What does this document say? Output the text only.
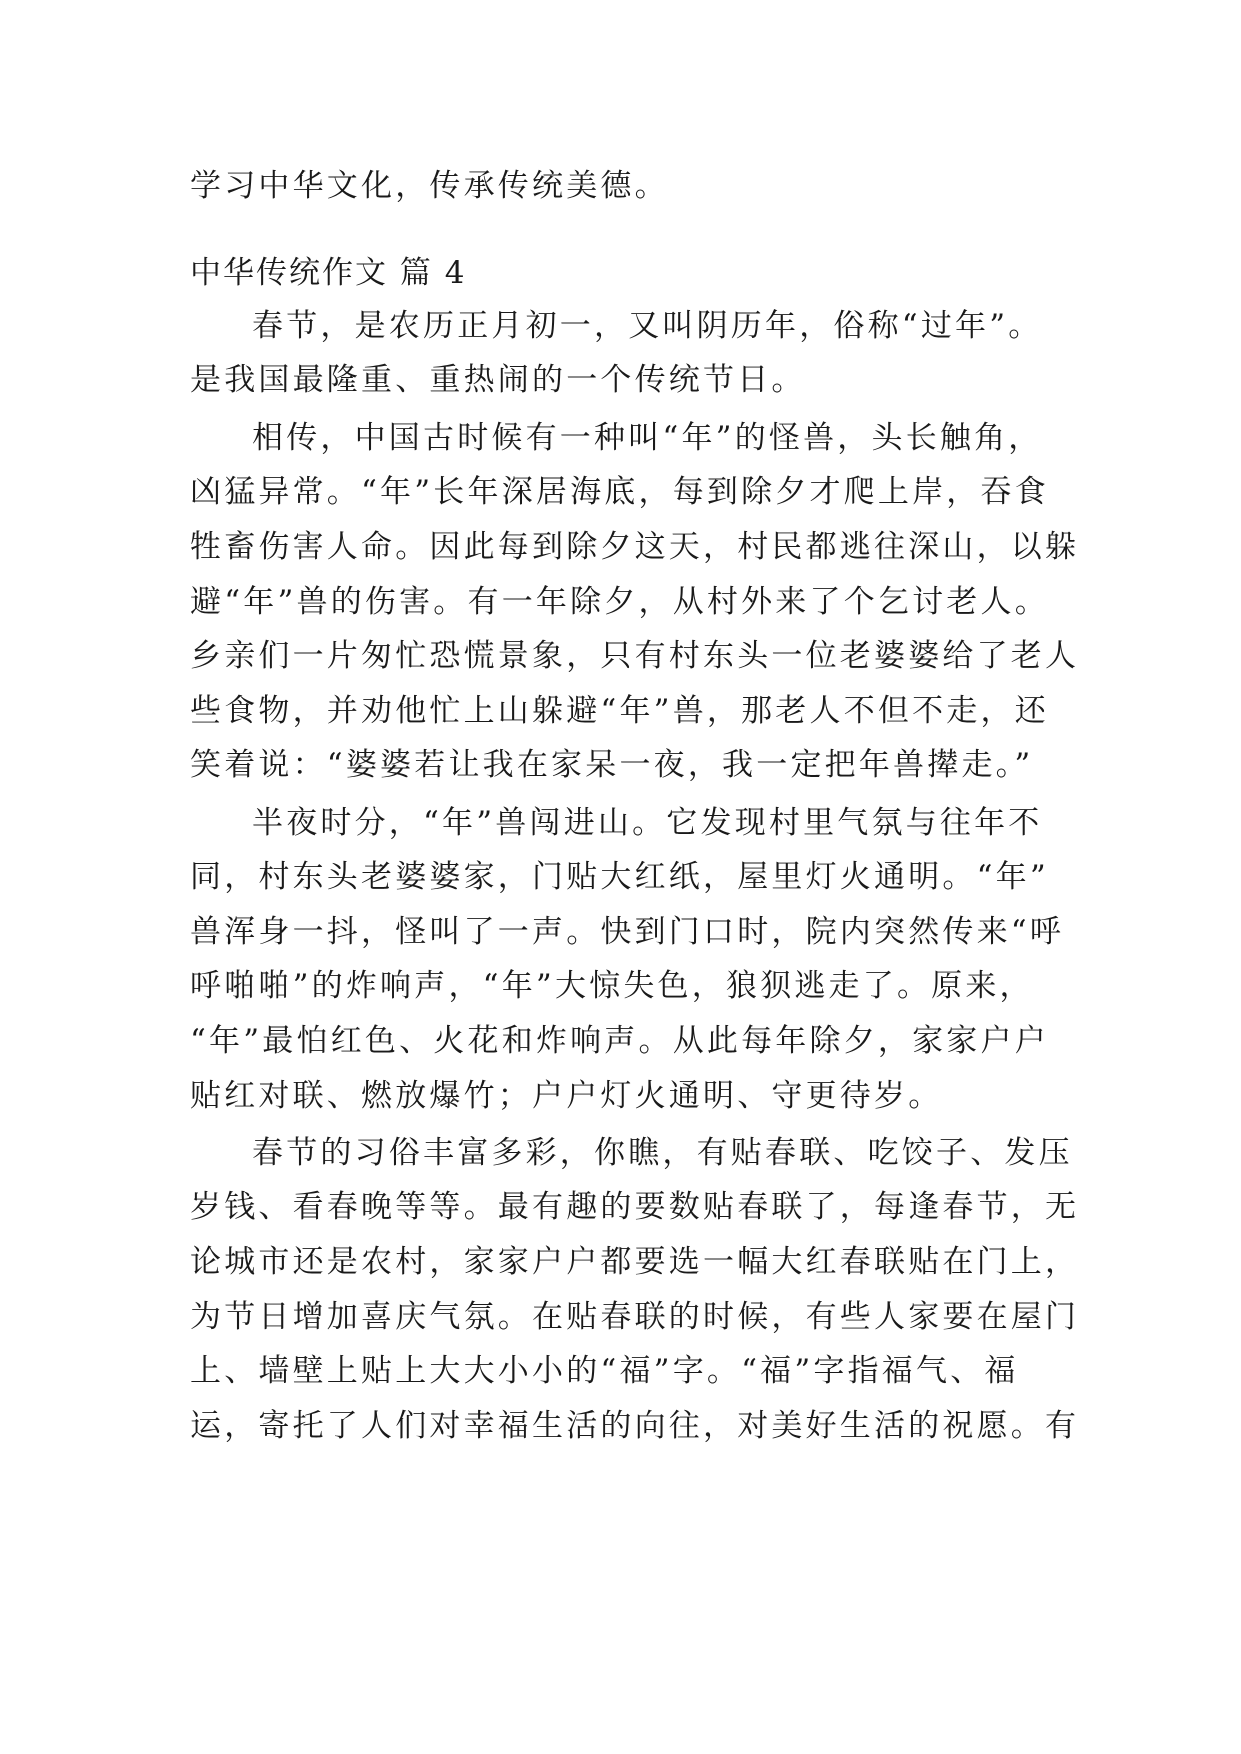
学习中华文化，传承传统美德。
中华传统作文 篇 4
春节，是农历正月初一，又叫阴历年，俗称“过年”。
是我国最隆重、重热闹的一个传统节日。
相传，中国古时候有一种叫“年”的怪兽，头长触角，
凶猛异常。“年”长年深居海底，每到除夕才爬上岸，吞食
牲畜伤害人命。因此每到除夕这天，村民都逃往深山，以躲
避“年”兽的伤害。有一年除夕，从村外来了个乞讨老人。
乡亲们一片匆忙恐慌景象，只有村东头一位老婆婆给了老人
些食物，并劝他忙上山躲避“年”兽，那老人不但不走，还
笑着说：“婆婆若让我在家呆一夜，我一定把年兽撵走。”
半夜时分，“年”兽闯进山。它发现村里气氛与往年不
同，村东头老婆婆家，门贴大红纸，屋里灯火通明。“年”
兽浑身一抖，怪叫了一声。快到门口时，院内突然传来“呼
呼啪啪”的炸响声，“年”大惊失色，狼狈逃走了。原来，
“年”最怕红色、火花和炸响声。从此每年除夕，家家户户
贴红对联、燃放爆竹；户户灯火通明、守更待岁。
春节的习俗丰富多彩，你瞧，有贴春联、吃饺子、发压
岁钱、看春晚等等。最有趣的要数贴春联了，每逢春节，无
论城市还是农村，家家户户都要选一幅大红春联贴在门上，
为节日增加喜庆气氛。在贴春联的时候，有些人家要在屋门
上、墙壁上贴上大大小小的“福”字。“福”字指福气、福
运，寄托了人们对幸福生活的向往，对美好生活的祝愿。有
